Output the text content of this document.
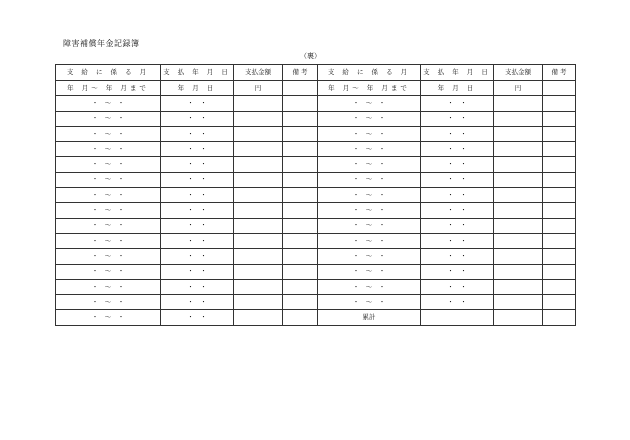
障害補償年金記録簿
（裏）
支 給 に 係 る 月	支 払 年 月 日	支払金額	備 考	支 給 に 係 る 月	支 払 年 月 日	支払金額	備 考
年 月～ 年 月まで	年 月 日	円		年 月～ 年 月まで	年 月 日	円	
・　～　・	・　・			・　～　・	・　・		
・　～　・	・　・			・　～　・	・　・		
・　～　・	・　・			・　～　・	・　・		
・　～　・	・　・			・　～　・	・　・		
・　～　・	・　・			・　～　・	・　・		
・　～　・	・　・			・　～　・	・　・		
・　～　・	・　・			・　～　・	・　・		
・　～　・	・　・			・　～　・	・　・		
・　～　・	・　・			・　～　・	・　・		
・　～　・	・　・			・　～　・	・　・		
・　～　・	・　・			・　～　・	・　・		
・　～　・	・　・			・　～　・	・　・		
・　～　・	・　・			・　～　・	・　・		
・　～　・	・　・			・　～　・	・　・		
・　～　・	・　・			累計			
